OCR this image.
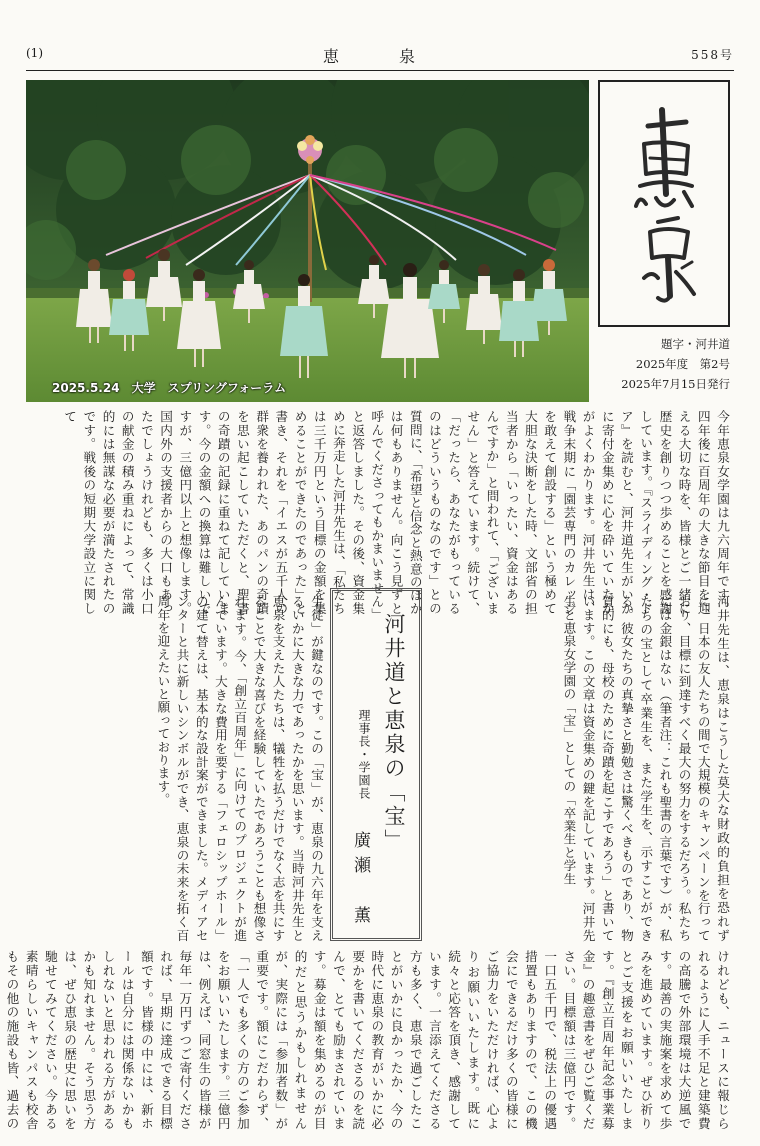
(1)	恵　泉	558号
2025.5.24　大学　スプリングフォーラム
恵泉
題字・河井道
2025年度　第2号
2025年7月15日発行
今年恵泉女学園は九六周年です。四年後に百周年の大きな節目を迎える大切な時を、皆様とご一緒に歴史を創りつつ歩めることを感謝しています。『スライディング・ドア』を読むと、河井道先生がいかに寄付金集めに心を砕いていたかがよくわかります。河井先生は、戦争末期に「園芸専門のカレッジを敢えて創設する」という極めて大胆な決断をした時、文部省の担当者から「いったい、資金はあるんですか」と問われて、「ございません」と答えています。続けて、「だったら、あなたがもっているのはどういうものなのです」との質問に、「希望と信念と熱意のほかは何もありません。向こう見ずと呼んでくださってもかまいません」と返答しました。その後、資金集めに奔走した河井先生は、「私たちは三千万円という目標の金額を集めることができたのであった」と書き、それを「イエスが五千人の群衆を養われた、あのパンの奇蹟を思い起こしていただくと、聖書の奇蹟の記録に重ねて記しています。今の金額への換算は難しいですが、三億円以上と想像します。国内外の支援者からの大口もあったでしょうけれども、多くは小口の献金の積み重ねによって、常識的には無謀な必要が満たされたのです。戦後の短期大学設立に関して
河井先生は、恵泉はこうした莫大な財政的負担を恐れずに、日本の友人たちの間で大規模のキャンペーンを行っており、目標に到達すべく最大の努力をするだろう。私たちには金銀はない（筆者注：これも聖書の言葉です）が、私たちの宝として卒業生を、また学生を、示すことができる。彼女たちの真摯さと勤勉さは驚くべきものであり、物質的にも、母校のために奇蹟を起こすであろう」と書いています。この文章は資金集めの鍵を記しています。河井先生と恵泉女学園の「宝」としての「卒業生と学生
河井道と恵泉の「宝」
理事長・学園長
廣瀬　薫
生徒」が鍵なのです。この「宝」が、恵泉の九六年を支えるいかに大きな力であったかを思います。当時河井先生と恵泉を支えた人たちは、犠牲を払うだけでなく志を共にすることで大きな喜びを経験していたであろうことも想像されます。今、「創立百周年」に向けてのプロジェクトが進んでいます。大きな費用を要する「フェロシップホール」の建て替えは、基本的な設計案ができました。メディアセンターと共に新しいシンボルができ、恵泉の未来を拓く百周年を迎えたいと願っております。
けれども、ニュースに報じられるように人手不足と建築費の高騰で外部環境は大逆風です。最善の実施案を求めて歩みを進めています。ぜひ祈りとご支援をお願いいたします。『創立百周年記念事業募金』の趣意書をぜひご覧ください。目標額は三億円です。一口五千円で、税法上の優遇措置もありますので、この機会にできるだけ多くの皆様にご協力をいただければ、心よりお願いいたします。既に続々と応答を頂き、感謝しています。一言添えてくださる方も多く、恵泉で過ごしたことがいかに良かったか、今の時代に恵泉の教育がいかに必要かを書いてくださるのを読んで、とても励まされています。募金は額を集めるのが目的だと思うかもしれませんが、実際には「参加者数」が重要です。額にこだわらず、「一人でも多くの方のご参加をお願いいたします。三億円は、例えば、同窓生の皆様が毎年一万円ずつご寄付くだされば、早期に達成できる目標額です。皆様の中には、新ホールは自分には関係ないかもしれないと思われる方があるかも知れません。そう思う方は、ぜひ恵泉の歴史に思いを馳せてみてください。今ある素晴らしいキャンパスも校舎もその他の施設も皆、過去の
